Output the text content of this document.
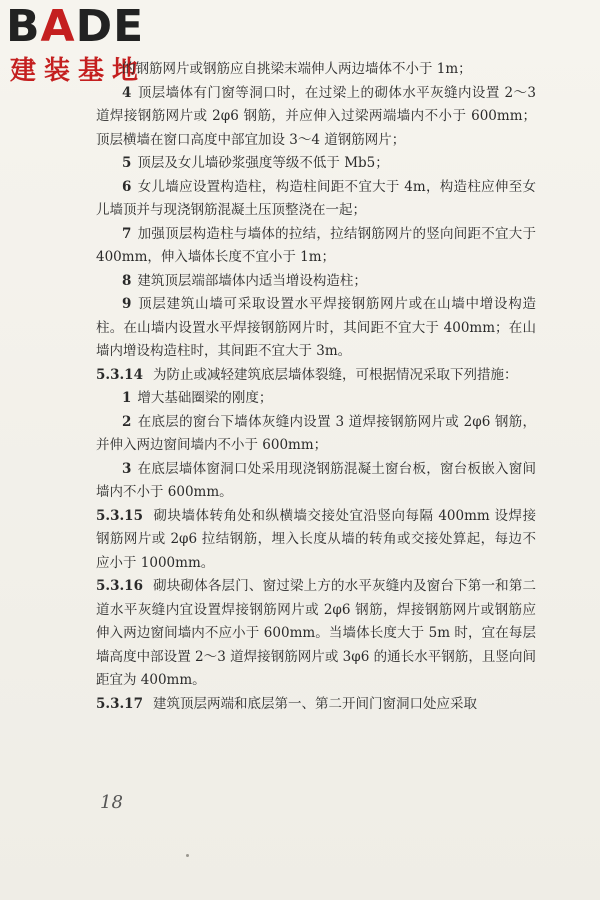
BADE
建装基地

的钢筋网片或钢筋应自挑梁末端伸人两边墙体不小于 1m；

4 顶层墙体有门窗等洞口时，在过梁上的砌体水平灰缝内设置 2～3 道焊接钢筋网片或 2φ6 钢筋，并应伸入过梁两端墙内不小于 600mm；顶层横墙在窗口高度中部宜加设 3～4 道钢筋网片；

5 顶层及女儿墙砂浆强度等级不低于 Mb5；

6 女儿墙应设置构造柱，构造柱间距不宜大于 4m，构造柱应伸至女儿墙顶并与现浇钢筋混凝土压顶整浇在一起；

7 加强顶层构造柱与墙体的拉结，拉结钢筋网片的竖向间距不宜大于 400mm，伸入墙体长度不宜小于 1m；

8 建筑顶层端部墙体内适当增设构造柱；

9 顶层建筑山墙可采取设置水平焊接钢筋网片或在山墙中增设构造柱。在山墙内设置水平焊接钢筋网片时，其间距不宜大于 400mm；在山墙内增设构造柱时，其间距不宜大于 3m。

5.3.14 为防止或减轻建筑底层墙体裂缝，可根据情况采取下列措施：

1 增大基础圈梁的刚度；

2 在底层的窗台下墙体灰缝内设置 3 道焊接钢筋网片或 2φ6 钢筋，并伸入两边窗间墙内不小于 600mm；

3 在底层墙体窗洞口处采用现浇钢筋混凝土窗台板，窗台板嵌入窗间墙内不小于 600mm。

5.3.15 砌块墙体转角处和纵横墙交接处宜沿竖向每隔 400mm 设焊接钢筋网片或 2φ6 拉结钢筋，埋入长度从墙的转角或交接处算起，每边不应小于 1000mm。

5.3.16 砌块砌体各层门、窗过梁上方的水平灰缝内及窗台下第一和第二道水平灰缝内宜设置焊接钢筋网片或 2φ6 钢筋，焊接钢筋网片或钢筋应伸入两边窗间墙内不应小于 600mm。当墙体长度大于 5m 时，宜在每层墙高度中部设置 2～3 道焊接钢筋网片或 3φ6 的通长水平钢筋，且竖向间距宜为 400mm。

5.3.17 建筑顶层两端和底层第一、第二开间门窗洞口处应采取

18
